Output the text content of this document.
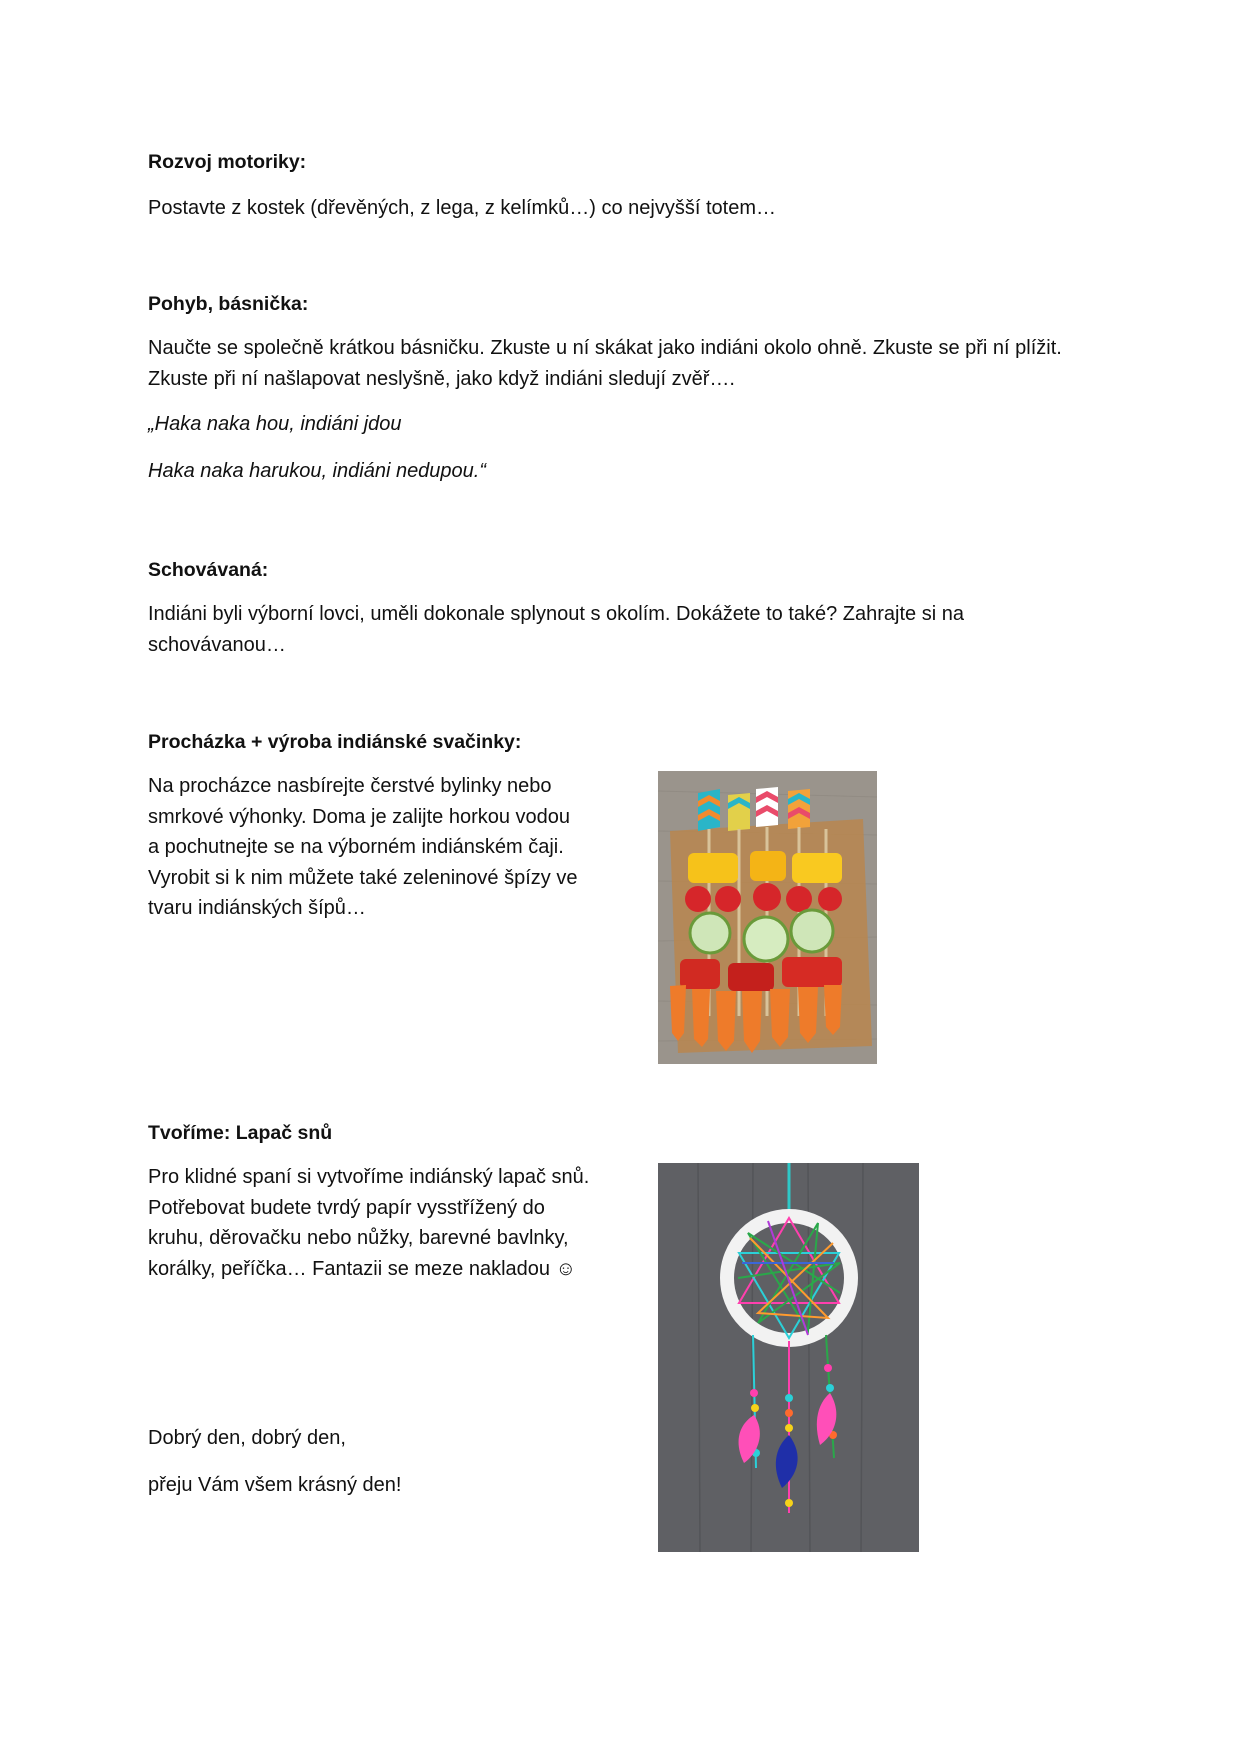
Rozvoj motoriky:
Postavte z kostek (dřevěných, z lega, z kelímků…) co nejvyšší totem…
Pohyb, básnička:
Naučte se společně krátkou básničku. Zkuste u ní skákat jako indiáni okolo ohně. Zkuste se při ní plížit. Zkuste při ní našlapovat neslyšně, jako když indiáni sledují zvěř….
„Haka naka hou, indiáni jdou
Haka naka harukou, indiáni nedupou.“
Schovávaná:
Indiáni byli výborní lovci, uměli dokonale splynout s okolím. Dokážete to také? Zahrajte si na schovávanou…
Procházka + výroba indiánské svačinky:
Na procházce nasbírejte čerstvé bylinky nebo smrkové výhonky. Doma je zalijte horkou vodou a pochutnejte se na výborném indiánském čaji. Vyrobit si k nim můžete také zeleninové špízy ve tvaru indiánských šípů…
Tvoříme: Lapač snů
Pro klidné spaní si vytvoříme indiánský lapač snů. Potřebovat budete tvrdý papír vysstřížený do kruhu, děrovačku nebo nůžky, barevné bavlnky, korálky, peříčka… Fantazii se meze nakladou ☺
Dobrý den, dobrý den,
přeju Vám všem krásný den!
